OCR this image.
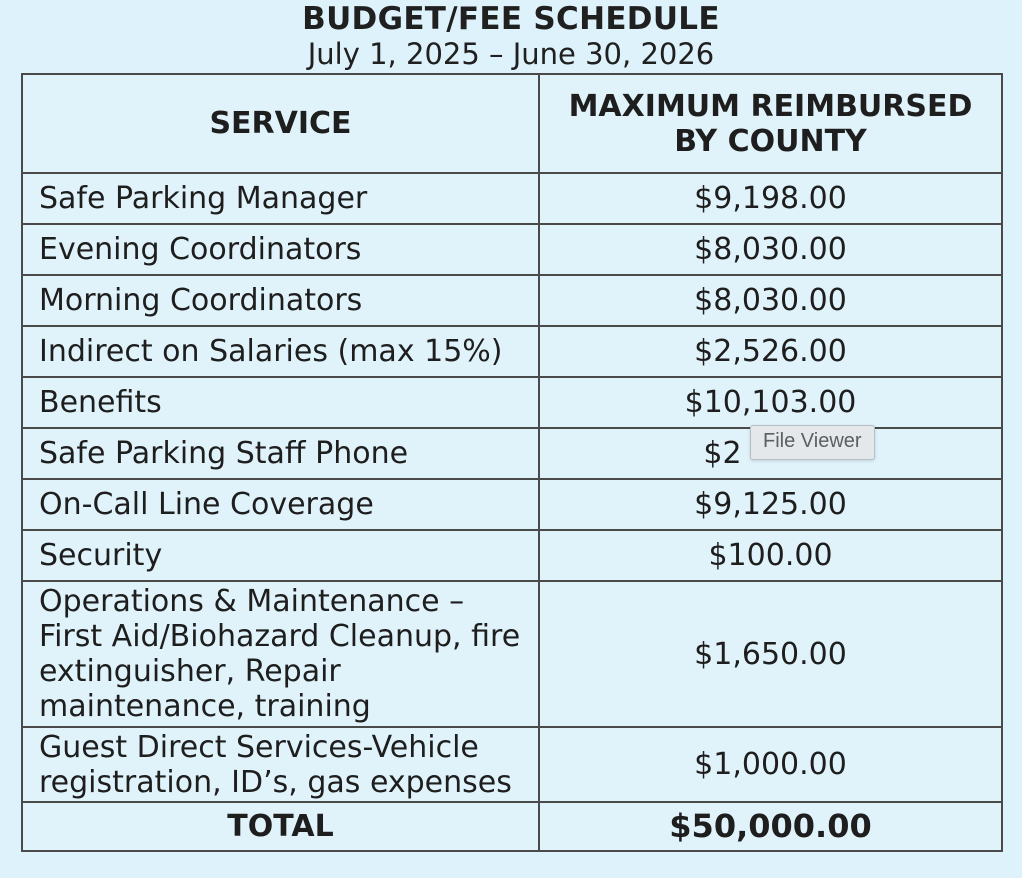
BUDGET/FEE SCHEDULE
July 1, 2025 – June 30, 2026
SERVICE	MAXIMUM REIMBURSED
BY COUNTY

Safe Parking Manager	$9,198.00
Evening Coordinators	$8,030.00
Morning Coordinators	$8,030.00
Indirect on Salaries (max 15%)	$2,526.00
Benefits	$10,103.00
Safe Parking Staff Phone	$2
On-Call Line Coverage	$9,125.00
Security	$100.00

Operations & Maintenance –
First Aid/Biohazard Cleanup, fire
extinguisher, Repair
maintenance, training	$1,650.00

Guest Direct Services-Vehicle
registration, ID’s, gas expenses	$1,000.00
TOTAL	$50,000.00
File Viewer
